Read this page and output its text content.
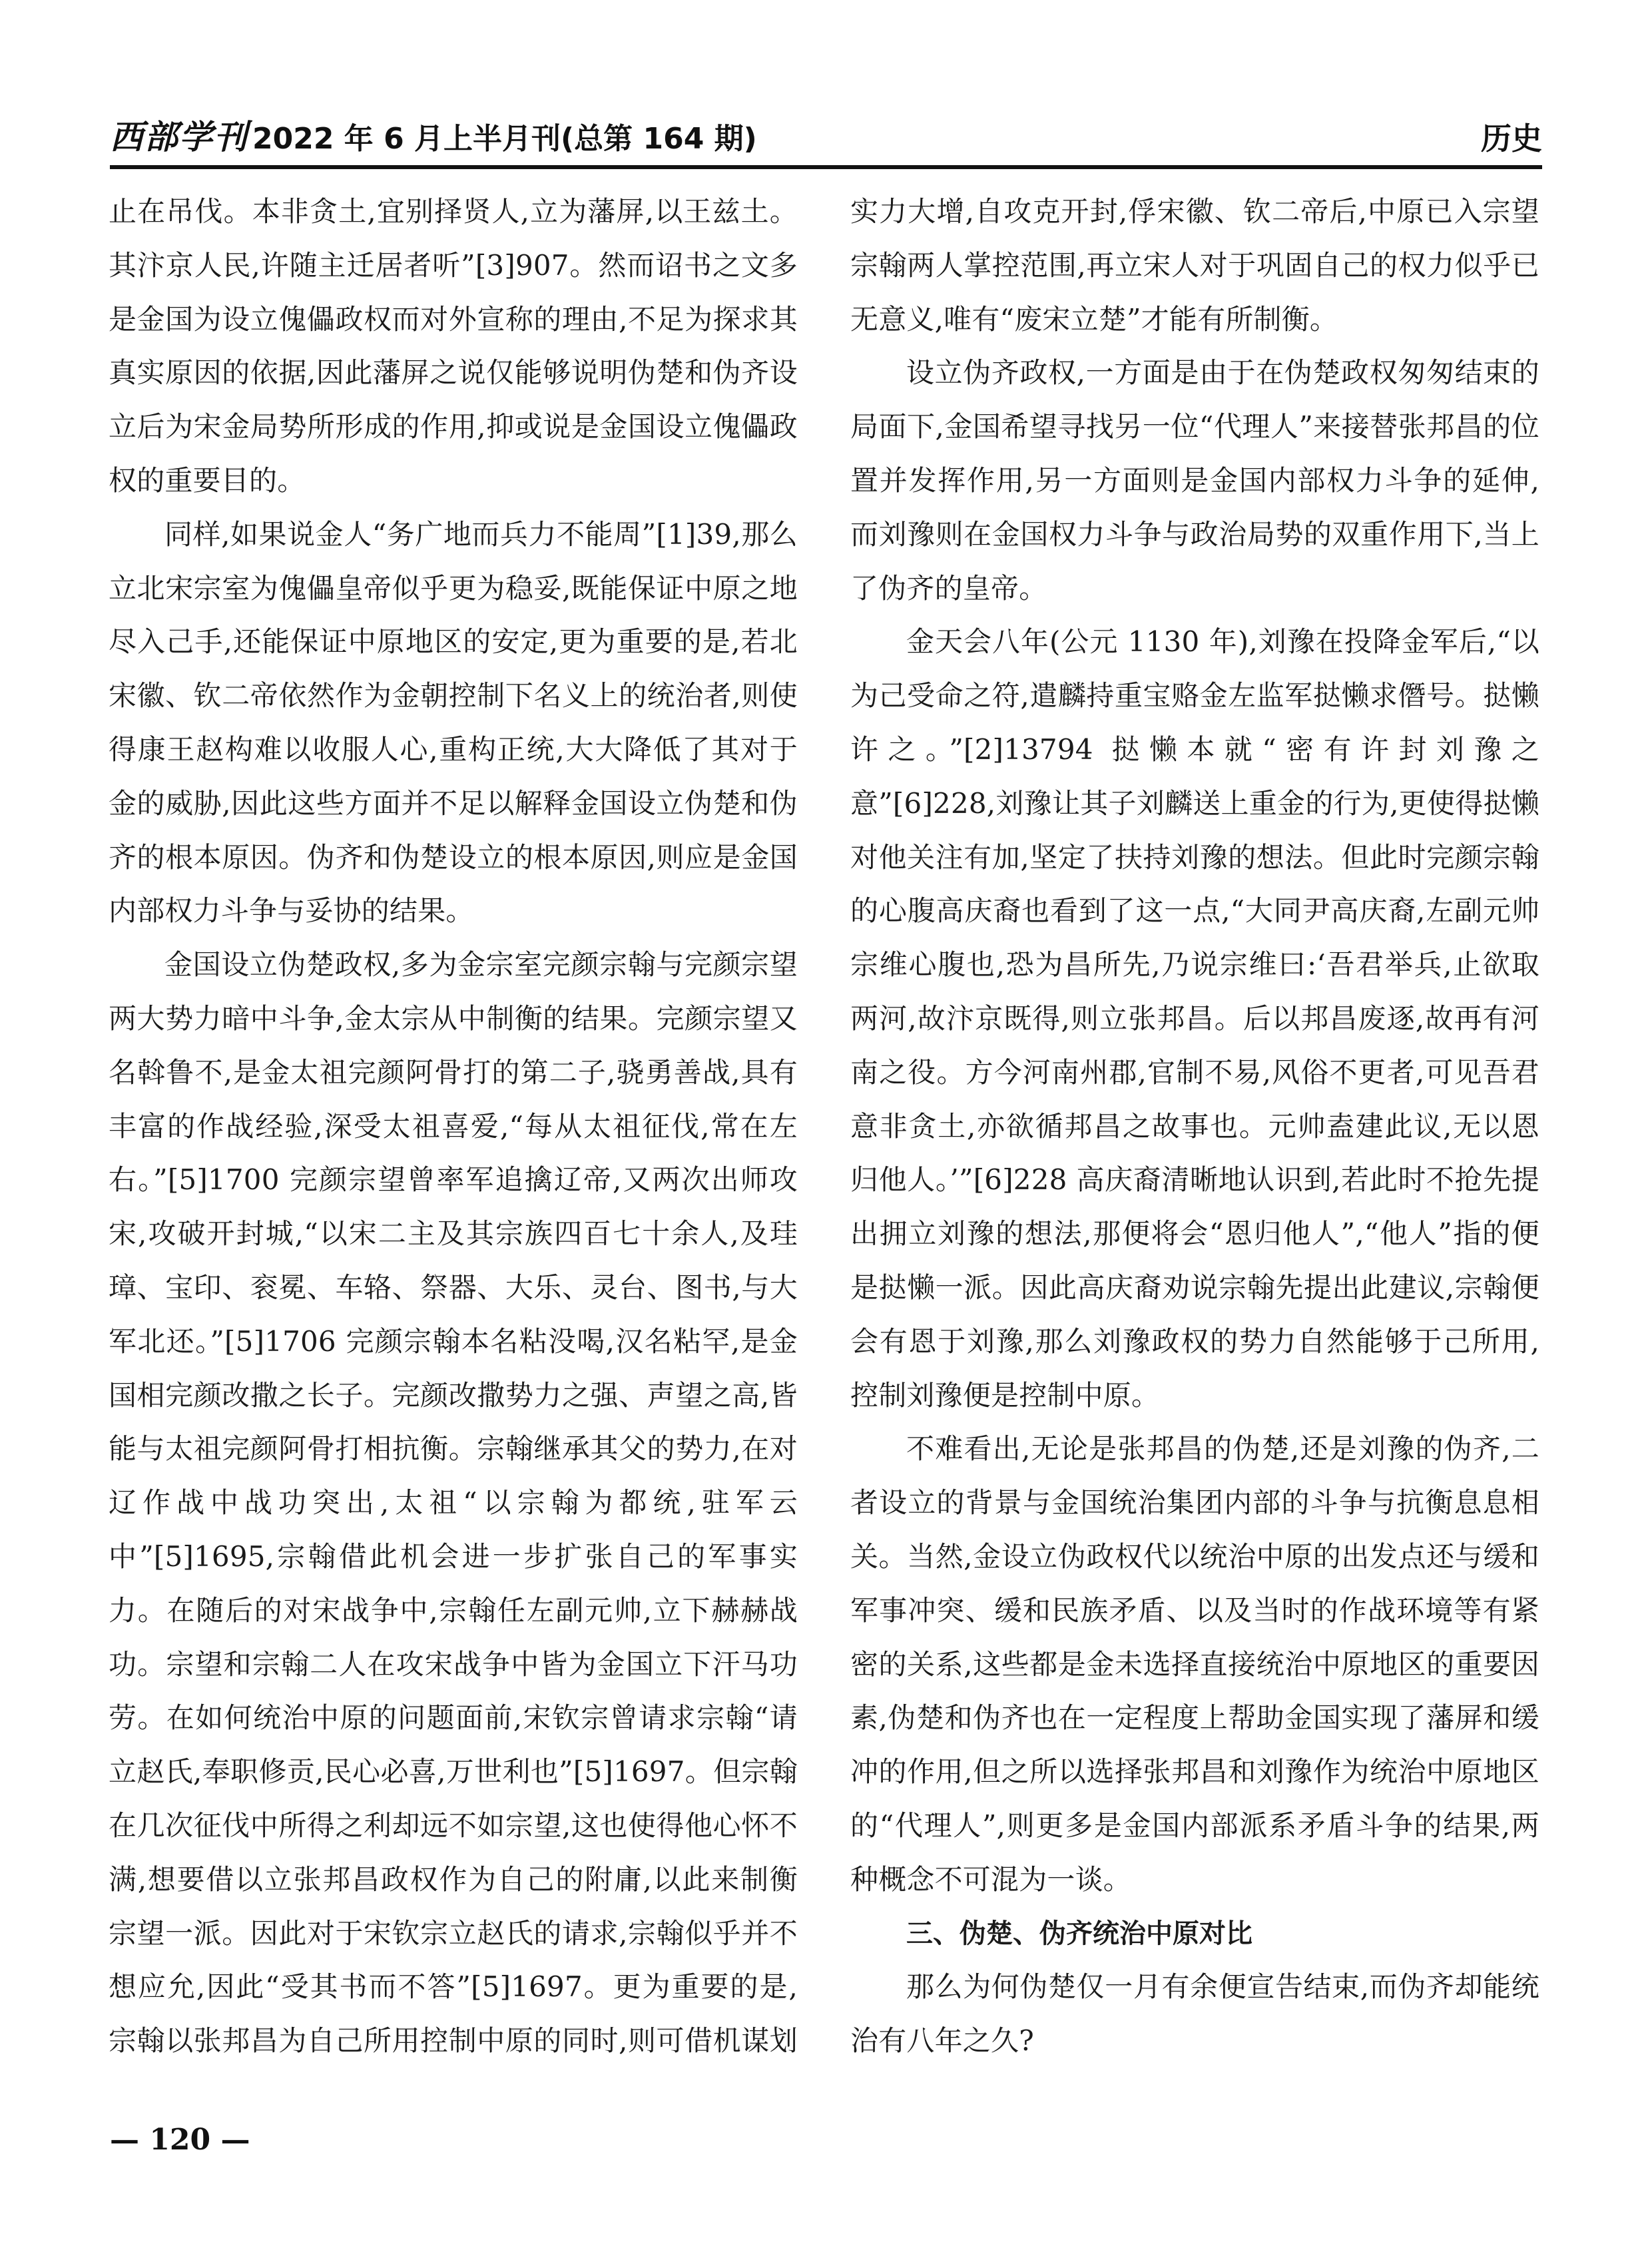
西部学刊 2022 年 6 月上半月刊(总第 164 期)	历史

止在吊伐。本非贪土,宜别择贤人,立为藩屏,以王兹土。其汴京人民,许随主迁居者听”[3]907。然而诏书之文多是金国为设立傀儡政权而对外宣称的理由,不足为探求其真实原因的依据,因此藩屏之说仅能够说明伪楚和伪齐设立后为宋金局势所形成的作用,抑或说是金国设立傀儡政权的重要目的。

同样,如果说金人“务广地而兵力不能周”[1]39,那么立北宋宗室为傀儡皇帝似乎更为稳妥,既能保证中原之地尽入己手,还能保证中原地区的安定,更为重要的是,若北宋徽、钦二帝依然作为金朝控制下名义上的统治者,则使得康王赵构难以收服人心,重构正统,大大降低了其对于金的威胁,因此这些方面并不足以解释金国设立伪楚和伪齐的根本原因。伪齐和伪楚设立的根本原因,则应是金国内部权力斗争与妥协的结果。

金国设立伪楚政权,多为金宗室完颜宗翰与完颜宗望两大势力暗中斗争,金太宗从中制衡的结果。完颜宗望又名斡鲁不,是金太祖完颜阿骨打的第二子,骁勇善战,具有丰富的作战经验,深受太祖喜爱,“每从太祖征伐,常在左右。”[5]1700 完颜宗望曾率军追擒辽帝,又两次出师攻宋,攻破开封城,“以宋二主及其宗族四百七十余人,及珪璋、宝印、衮冕、车辂、祭器、大乐、灵台、图书,与大军北还。”[5]1706 完颜宗翰本名粘没喝,汉名粘罕,是金国相完颜改撒之长子。完颜改撒势力之强、声望之高,皆能与太祖完颜阿骨打相抗衡。宗翰继承其父的势力,在对辽作战中战功突出,太祖“以宗翰为都统,驻军云中”[5]1695,宗翰借此机会进一步扩张自己的军事实力。在随后的对宋战争中,宗翰任左副元帅,立下赫赫战功。宗望和宗翰二人在攻宋战争中皆为金国立下汗马功劳。在如何统治中原的问题面前,宋钦宗曾请求宗翰“请立赵氏,奉职修贡,民心必喜,万世利也”[5]1697。但宗翰在几次征伐中所得之利却远不如宗望,这也使得他心怀不满,想要借以立张邦昌政权作为自己的附庸,以此来制衡宗望一派。因此对于宋钦宗立赵氏的请求,宗翰似乎并不想应允,因此“受其书而不答”[5]1697。更为重要的是,宗翰以张邦昌为自己所用控制中原的同时,则可借机谋划

实力大增,自攻克开封,俘宋徽、钦二帝后,中原已入宗望宗翰两人掌控范围,再立宋人对于巩固自己的权力似乎已无意义,唯有“废宋立楚”才能有所制衡。

设立伪齐政权,一方面是由于在伪楚政权匆匆结束的局面下,金国希望寻找另一位“代理人”来接替张邦昌的位置并发挥作用,另一方面则是金国内部权力斗争的延伸,而刘豫则在金国权力斗争与政治局势的双重作用下,当上了伪齐的皇帝。

金天会八年(公元 1130 年),刘豫在投降金军后,“以为己受命之符,遣麟持重宝赂金左监军挞懒求僭号。挞懒许之。”[2]13794 挞懒本就“密有许封刘豫之意”[6]228,刘豫让其子刘麟送上重金的行为,更使得挞懒对他关注有加,坚定了扶持刘豫的想法。但此时完颜宗翰的心腹高庆裔也看到了这一点,“大同尹高庆裔,左副元帅宗维心腹也,恐为昌所先,乃说宗维曰:‘吾君举兵,止欲取两河,故汴京既得,则立张邦昌。后以邦昌废逐,故再有河南之役。方今河南州郡,官制不易,风俗不更者,可见吾君意非贪土,亦欲循邦昌之故事也。元帅盍建此议,无以恩归他人。’”[6]228 高庆裔清晰地认识到,若此时不抢先提出拥立刘豫的想法,那便将会“恩归他人”,“他人”指的便是挞懒一派。因此高庆裔劝说宗翰先提出此建议,宗翰便会有恩于刘豫,那么刘豫政权的势力自然能够于己所用,控制刘豫便是控制中原。

不难看出,无论是张邦昌的伪楚,还是刘豫的伪齐,二者设立的背景与金国统治集团内部的斗争与抗衡息息相关。当然,金设立伪政权代以统治中原的出发点还与缓和军事冲突、缓和民族矛盾、以及当时的作战环境等有紧密的关系,这些都是金未选择直接统治中原地区的重要因素,伪楚和伪齐也在一定程度上帮助金国实现了藩屏和缓冲的作用,但之所以选择张邦昌和刘豫作为统治中原地区的“代理人”,则更多是金国内部派系矛盾斗争的结果,两种概念不可混为一谈。

三、伪楚、伪齐统治中原对比

那么为何伪楚仅一月有余便宣告结束,而伪齐却能统治有八年之久?

— 120 —
